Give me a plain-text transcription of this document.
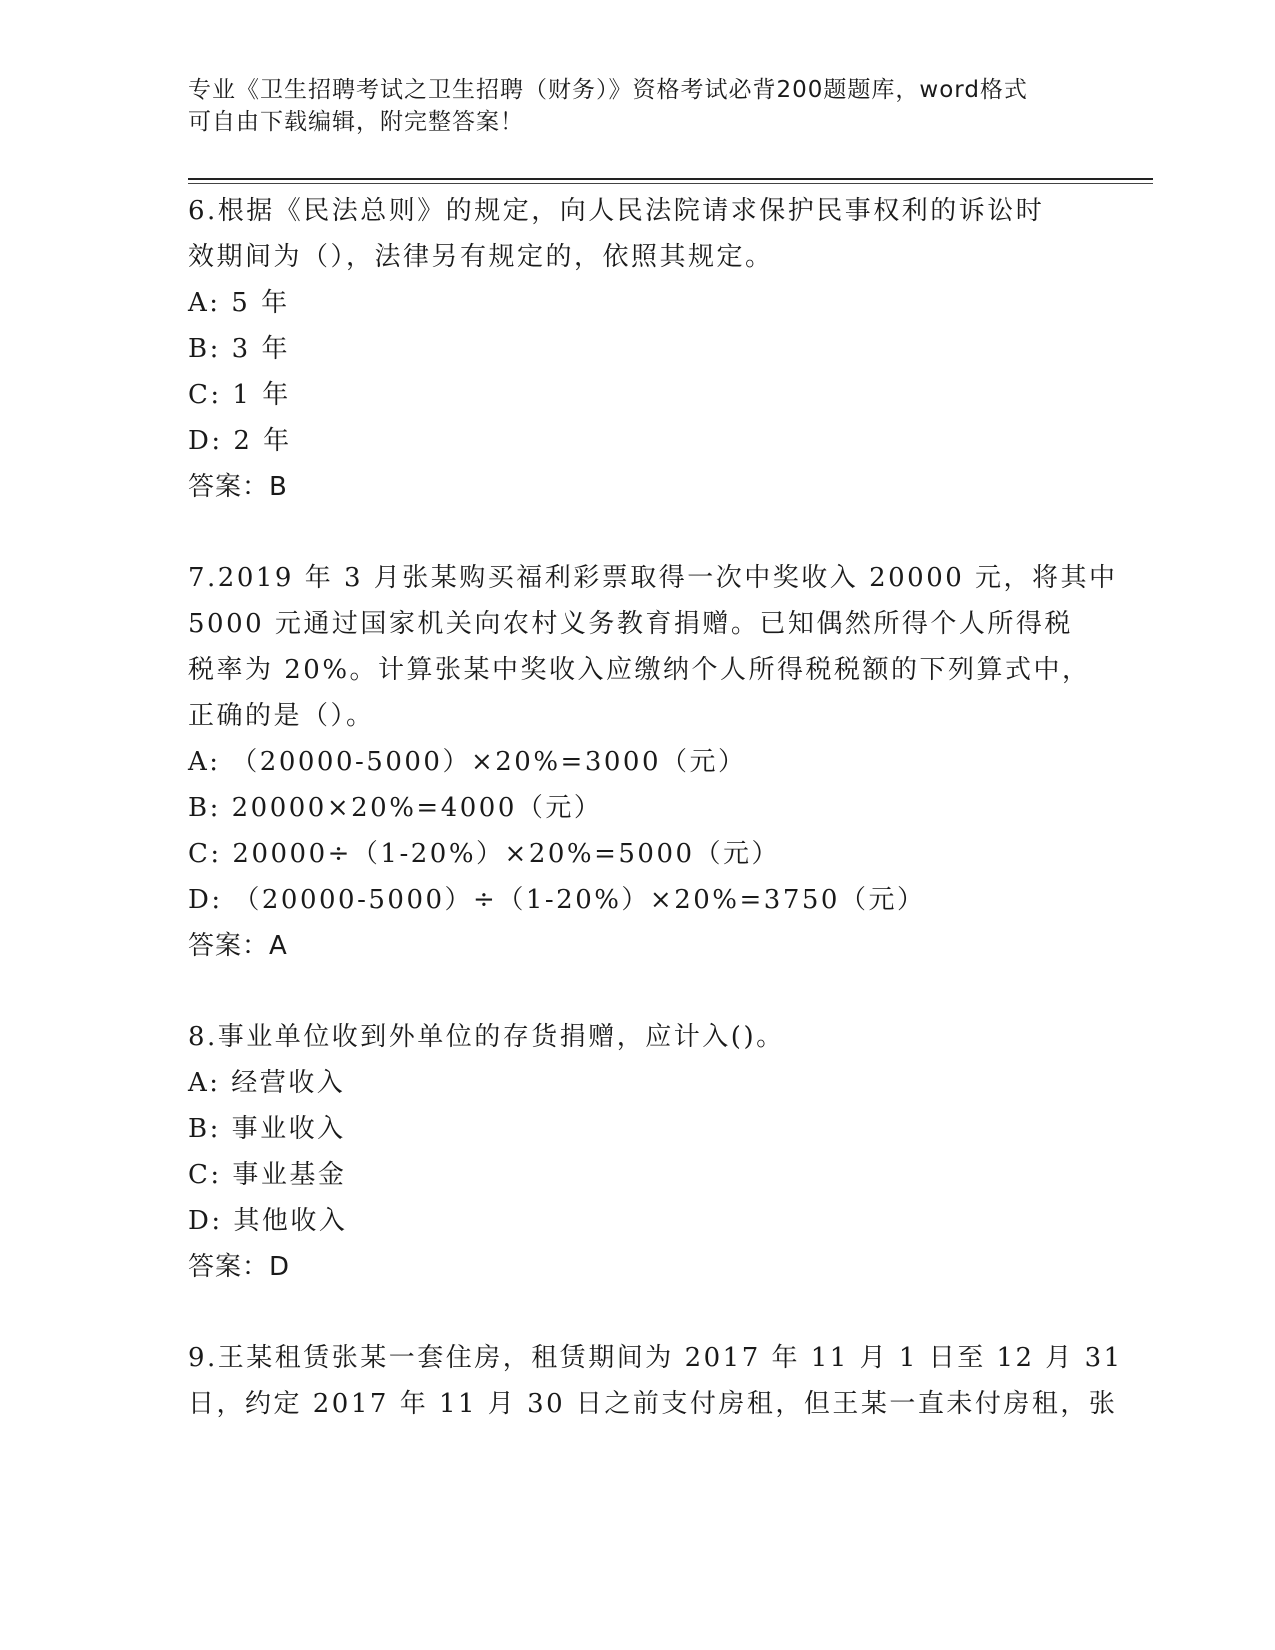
专业《卫生招聘考试之卫生招聘（财务）》资格考试必背200题题库，word格式
可自由下载编辑，附完整答案！
6.根据《民法总则》的规定，向人民法院请求保护民事权利的诉讼时
效期间为（），法律另有规定的，依照其规定。
A: 5 年
B: 3 年
C: 1 年
D: 2 年
答案：B
7.2019 年 3 月张某购买福利彩票取得一次中奖收入 20000 元，将其中
5000 元通过国家机关向农村义务教育捐赠。已知偶然所得个人所得税
税率为 20%。计算张某中奖收入应缴纳个人所得税税额的下列算式中，
正确的是（）。
A: （20000-5000）×20%=3000（元）
B: 20000×20%=4000（元）
C: 20000÷（1-20%）×20%=5000（元）
D: （20000-5000）÷（1-20%）×20%=3750（元）
答案：A
8.事业单位收到外单位的存货捐赠，应计入()。
A: 经营收入
B: 事业收入
C: 事业基金
D: 其他收入
答案：D
9.王某租赁张某一套住房，租赁期间为 2017 年 11 月 1 日至 12 月 31
日，约定 2017 年 11 月 30 日之前支付房租，但王某一直未付房租，张
